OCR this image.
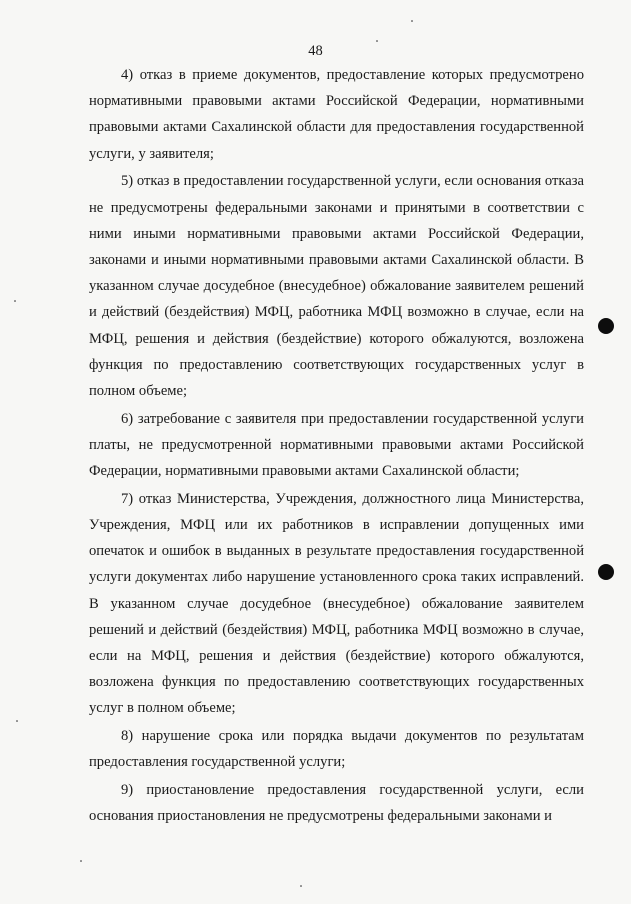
48

4) отказ в приеме документов, предоставление которых предусмотрено нормативными правовыми актами Российской Федерации, нормативными правовыми актами Сахалинской области для предоставления государственной услуги, у заявителя;

5) отказ в предоставлении государственной услуги, если основания отказа не предусмотрены федеральными законами и принятыми в соответствии с ними иными нормативными правовыми актами Российской Федерации, законами и иными нормативными правовыми актами Сахалинской области. В указанном случае досудебное (внесудебное) обжалование заявителем решений и действий (бездействия) МФЦ, работника МФЦ возможно в случае, если на МФЦ, решения и действия (бездействие) которого обжалуются, возложена функция по предоставлению соответствующих государственных услуг в полном объеме;

6) затребование с заявителя при предоставлении государственной услуги платы, не предусмотренной нормативными правовыми актами Российской Федерации, нормативными правовыми актами Сахалинской области;

7) отказ Министерства, Учреждения, должностного лица Министерства, Учреждения, МФЦ или их работников в исправлении допущенных ими опечаток и ошибок в выданных в результате предоставления государственной услуги документах либо нарушение установленного срока таких исправлений. В указанном случае досудебное (внесудебное) обжалование заявителем решений и действий (бездействия) МФЦ, работника МФЦ возможно в случае, если на МФЦ, решения и действия (бездействие) которого обжалуются, возложена функция по предоставлению соответствующих государственных услуг в полном объеме;

8) нарушение срока или порядка выдачи документов по результатам предоставления государственной услуги;

9) приостановление предоставления государственной услуги, если основания приостановления не предусмотрены федеральными законами и
